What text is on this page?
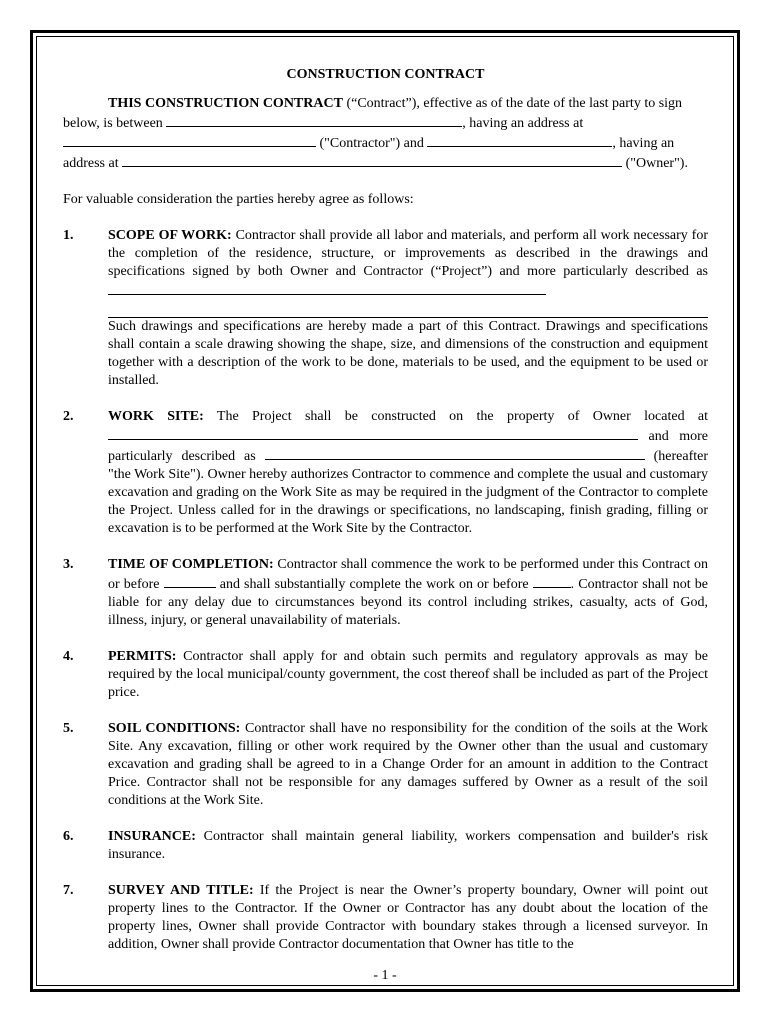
CONSTRUCTION CONTRACT

THIS CONSTRUCTION CONTRACT (“Contract”), effective as of the date of the last party to sign below, is between	, having an address at  ("Contractor") and	, having an address at	("Owner").

For valuable consideration the parties hereby agree as follows:

1.	SCOPE OF WORK: Contractor shall provide all labor and materials, and perform all work necessary for the completion of the residence, structure, or improvements as described in the drawings and specifications signed by both Owner and Contractor (“Project”) and more particularly described as

Such drawings and specifications are hereby made a part of this Contract. Drawings and specifications shall contain a scale drawing showing the shape, size, and dimensions of the construction and equipment together with a description of the work to be done, materials to be used, and the equipment to be used or installed.

2.	WORK SITE: The Project shall be constructed on the property of Owner located at  and more particularly described as	(hereafter "the Work Site"). Owner hereby authorizes Contractor to commence and complete the usual and customary excavation and grading on the Work Site as may be required in the judgment of the Contractor to complete the Project. Unless called for in the drawings or specifications, no landscaping, finish grading, filling or excavation is to be performed at the Work Site by the Contractor.
3.	TIME OF COMPLETION: Contractor shall commence the work to be performed under this Contract on or before	and shall substantially complete the work on or before	. Contractor shall not be liable for any delay due to circumstances beyond its control including strikes, casualty, acts of God, illness, injury, or general unavailability of materials.
4.	PERMITS: Contractor shall apply for and obtain such permits and regulatory approvals as may be required by the local municipal/county government, the cost thereof shall be included as part of the Project price.
5.	SOIL CONDITIONS: Contractor shall have no responsibility for the condition of the soils at the Work Site. Any excavation, filling or other work required by the Owner other than the usual and customary excavation and grading shall be agreed to in a Change Order for an amount in addition to the Contract Price. Contractor shall not be responsible for any damages suffered by Owner as a result of the soil conditions at the Work Site.
6.	INSURANCE: Contractor shall maintain general liability, workers compensation and builder's risk insurance.
7.	SURVEY AND TITLE: If the Project is near the Owner’s property boundary, Owner will point out property lines to the Contractor. If the Owner or Contractor has any doubt about the location of the property lines, Owner shall provide Contractor with boundary stakes through a licensed surveyor. In addition, Owner shall provide Contractor documentation that Owner has title to the
- 1 -
